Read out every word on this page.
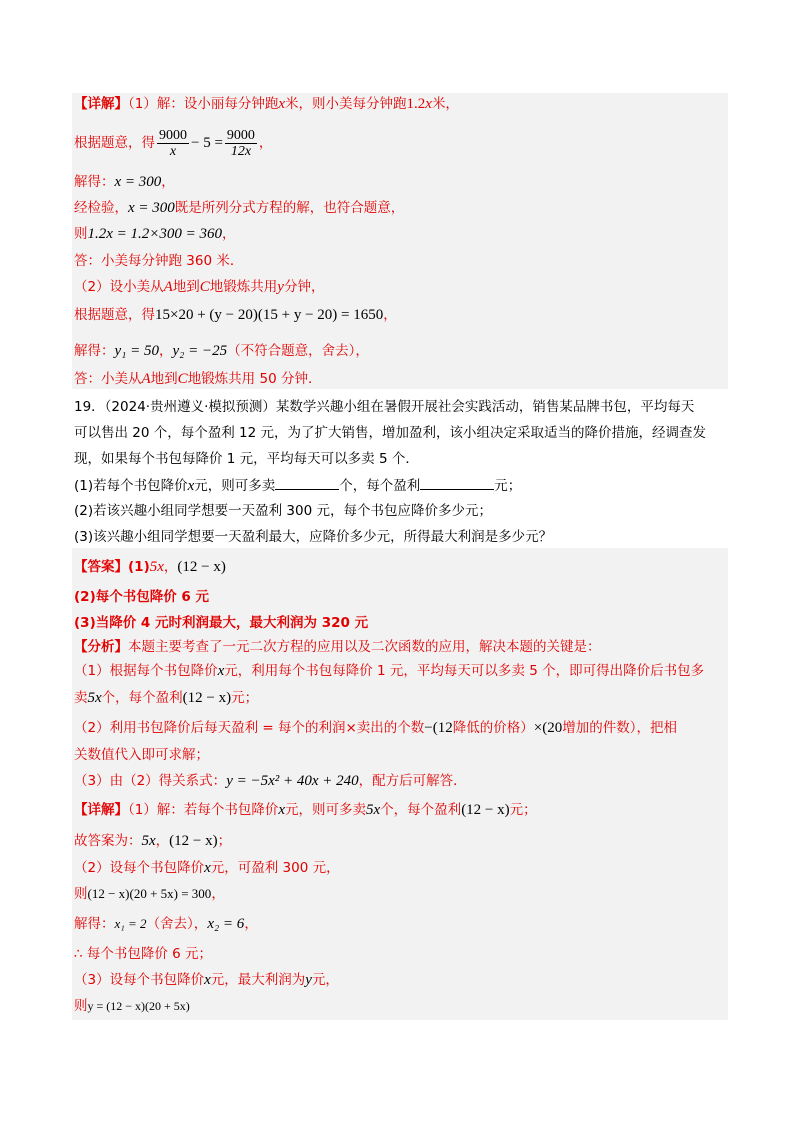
【详解】（1）解：设小丽每分钟跑x米，则小美每分钟跑1.2x米，
根据题意，得 $\frac{9000}{x} - 5 = \frac{9000}{12x}$ ，
解得：x = 300，
经检验，x = 300既是所列分式方程的解，也符合题意，
则1.2x = 1.2×300 = 360，
答：小美每分钟跑 360 米．
（2）设小美从A地到C地锻炼共用y分钟，
根据题意，得15×20 + (y − 20)(15 + y − 20) = 1650，
解得：y₁ = 50，y₂ = −25（不符合题意，舍去），
答：小美从A地到C地锻炼共用 50 分钟．
19．（2024·贵州遵义·模拟预测）某数学兴趣小组在暑假开展社会实践活动，销售某品牌书包，平均每天
可以售出 20 个，每个盈利 12 元，为了扩大销售，增加盈利，该小组决定采取适当的降价措施，经调查发
现，如果每个书包每降价 1 元，平均每天可以多卖 5 个．
(1)若每个书包降价x元，则可多卖	个，每个盈利	元；
(2)若该兴趣小组同学想要一天盈利 300 元，每个书包应降价多少元；
(3)该兴趣小组同学想要一天盈利最大，应降价多少元，所得最大利润是多少元？
【答案】(1)5x，(12 − x)
(2)每个书包降价 6 元
(3)当降价 4 元时利润最大，最大利润为 320 元
【分析】本题主要考查了一元二次方程的应用以及二次函数的应用，解决本题的关键是：
（1）根据每个书包降价x元，利用每个书包每降价 1 元，平均每天可以多卖 5 个，即可得出降价后书包多
卖5x个，每个盈利(12 − x)元；
（2）利用书包降价后每天盈利 = 每个的利润×卖出的个数−(12降低的价格）×(20增加的件数），把相
关数值代入即可求解；
（3）由（2）得关系式：y = −5x² + 40x + 240，配方后可解答．
【详解】（1）解：若每个书包降价x元，则可多卖5x个，每个盈利(12 − x)元；
故答案为：5x，(12 − x)；
（2）设每个书包降价x元，可盈利 300 元，
则(12 − x)(20 + 5x) = 300，
解得：x₁ = 2（舍去），x₂ = 6，
∴ 每个书包降价 6 元；
（3）设每个书包降价x元，最大利润为y元，
则y = (12 − x)(20 + 5x)
